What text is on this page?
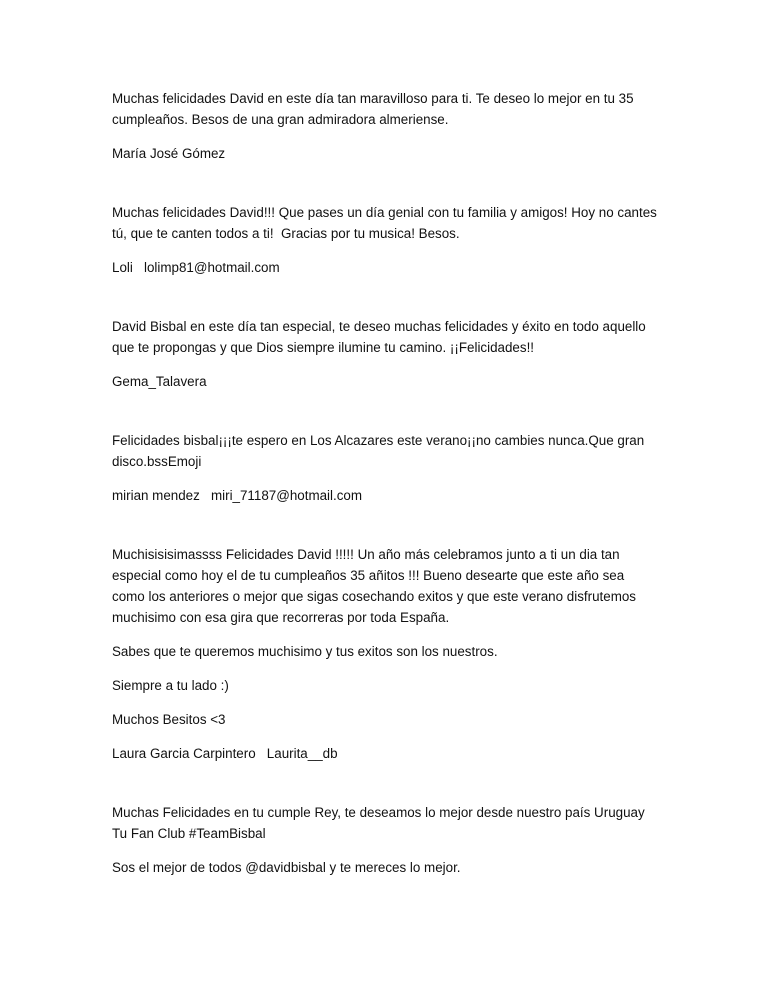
Muchas felicidades David en este día tan maravilloso para ti. Te deseo lo mejor en tu 35 cumpleaños. Besos de una gran admiradora almeriense.

María José Gómez

Muchas felicidades David!!! Que pases un día genial con tu familia y amigos! Hoy no cantes tú, que te canten todos a ti!  Gracias por tu musica! Besos.

Loli   lolimp81@hotmail.com

David Bisbal en este día tan especial, te deseo muchas felicidades y éxito en todo aquello que te propongas y que Dios siempre ilumine tu camino. ¡¡Felicidades!!

Gema_Talavera

Felicidades bisbal¡¡¡te espero en Los Alcazares este verano¡¡no cambies nunca.Que gran disco.bssEmoji

mirian mendez   miri_71187@hotmail.com

Muchisisisimassss Felicidades David !!!!! Un año más celebramos junto a ti un dia tan especial como hoy el de tu cumpleaños 35 añitos !!! Bueno desearte que este año sea como los anteriores o mejor que sigas cosechando exitos y que este verano disfrutemos muchisimo con esa gira que recorreras por toda España.

Sabes que te queremos muchisimo y tus exitos son los nuestros.

Siempre a tu lado :)

Muchos Besitos <3

Laura Garcia Carpintero   Laurita__db

Muchas Felicidades en tu cumple Rey, te deseamos lo mejor desde nuestro país Uruguay Tu Fan Club #TeamBisbal

Sos el mejor de todos @davidbisbal y te mereces lo mejor.
